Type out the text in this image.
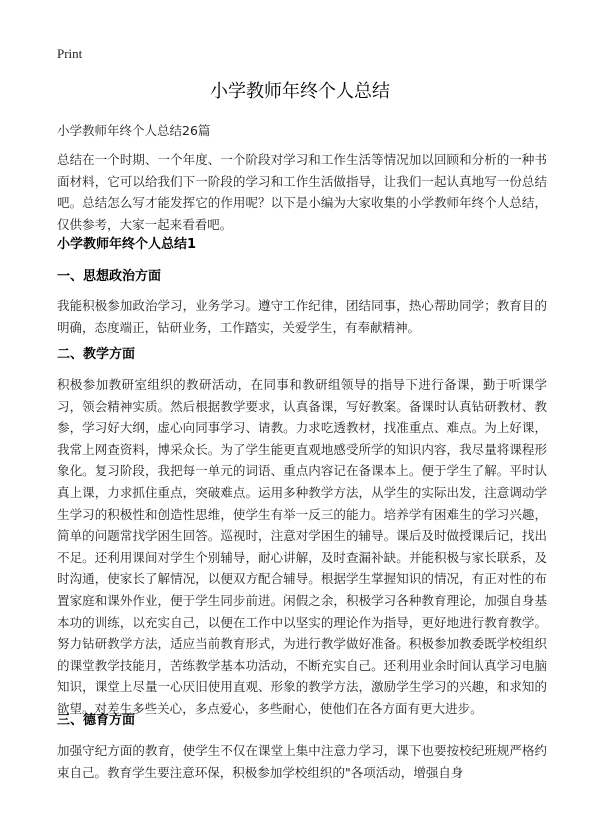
Print
小学教师年终个人总结
小学教师年终个人总结26篇

总结在一个时期、一个年度、一个阶段对学习和工作生活等情况加以回顾和分析的一种书面材料，它可以给我们下一阶段的学习和工作生活做指导，让我们一起认真地写一份总结吧。总结怎么写才能发挥它的作用呢？以下是小编为大家收集的小学教师年终个人总结，仅供参考，大家一起来看看吧。

小学教师年终个人总结1
一、思想政治方面

我能积极参加政治学习，业务学习。遵守工作纪律，团结同事，热心帮助同学；教育目的明确，态度端正，钻研业务，工作踏实，关爱学生，有奉献精神。

二、教学方面

积极参加教研室组织的教研活动，在同事和教研组领导的指导下进行备课，勤于听课学习，领会精神实质。然后根据教学要求，认真备课，写好教案。备课时认真钻研教材、教参，学习好大纲，虚心向同事学习、请教。力求吃透教材，找准重点、难点。为上好课，我常上网查资料，博采众长。为了学生能更直观地感受所学的知识内容，我尽量将课程形象化。复习阶段，我把每一单元的词语、重点内容记在备课本上。便于学生了解。平时认真上课，力求抓住重点，突破难点。运用多种教学方法，从学生的实际出发，注意调动学生学习的积极性和创造性思维，使学生有举一反三的能力。培养学有困难生的学习兴趣，简单的问题常找学困生回答。巡视时，注意对学困生的辅导。课后及时做授课后记，找出不足。还利用课间对学生个别辅导，耐心讲解，及时查漏补缺。并能积极与家长联系，及时沟通，使家长了解情况，以便双方配合辅导。根据学生掌握知识的情况，有正对性的布置家庭和课外作业，便于学生同步前进。闲假之余，积极学习各种教育理论，加强自身基本功的训练，以充实自己，以便在工作中以坚实的理论作为指导，更好地进行教育教学。努力钻研教学方法，适应当前教育形式，为进行教学做好准备。积极参加教委既学校组织的课堂教学技能月，苦练教学基本功活动，不断充实自己。还利用业余时间认真学习电脑知识，课堂上尽量一心厌旧使用直观、形象的教学方法，激励学生学习的兴趣，和求知的欲望。对差生多些关心，多点爱心，多些耐心，使他们在各方面有更大进步。

三、德育方面

加强守纪方面的教育，使学生不仅在课堂上集中注意力学习，课下也要按校纪班规严格约束自己。教育学生要注意环保，积极参加学校组织的"各项活动，增强自身
